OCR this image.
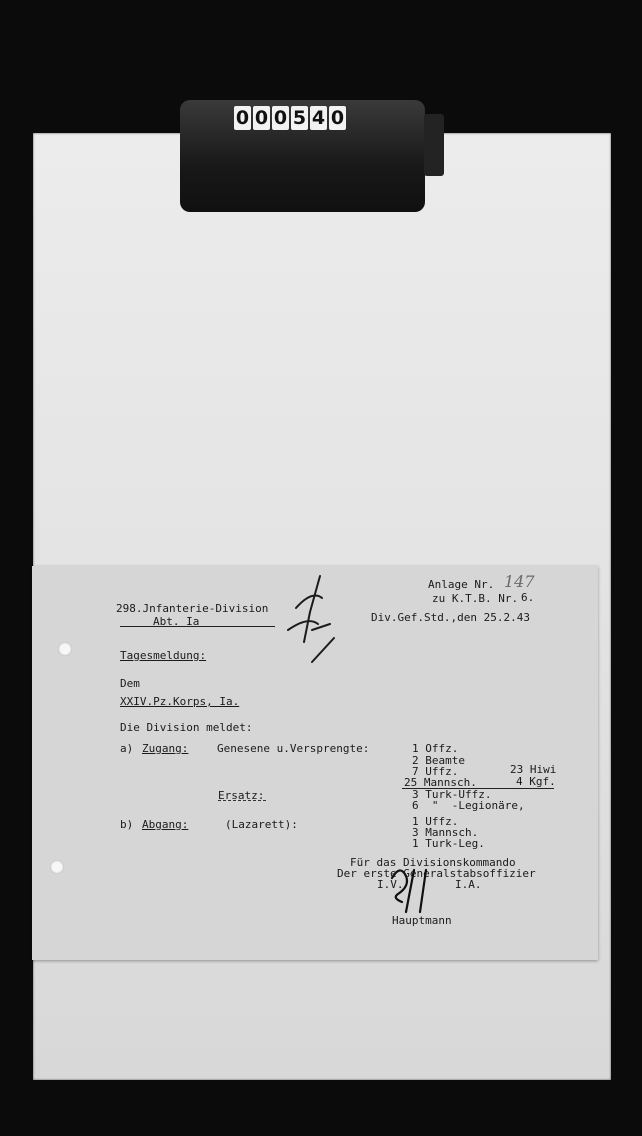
0 0 0 5 4 0
298.Jnfanterie-Division
Abt. Ia
Anlage Nr. 147
zu K.T.B. Nr. 6.
Div.Gef.Std.,den 25.2.43
Tagesmeldung:
Dem
XXIV.Pz.Korps, Ia.
Die Division meldet:
a) Zugang:	Genesene u.Versprengte:	1 Offz.
2 Beamte
7 Uffz.
25 Mannsch.
23 Hiwi
4 Kgf.
Ersatz:	3 Turk-Uffz.
6  "  -Legionäre,
b) Abgang:	(Lazarett):	1 Uffz.
3 Mannsch.
1 Turk-Leg.
Für das Divisionskommando
Der erste Generalstabsoffizier
I.V.	I.A.
Hauptmann
